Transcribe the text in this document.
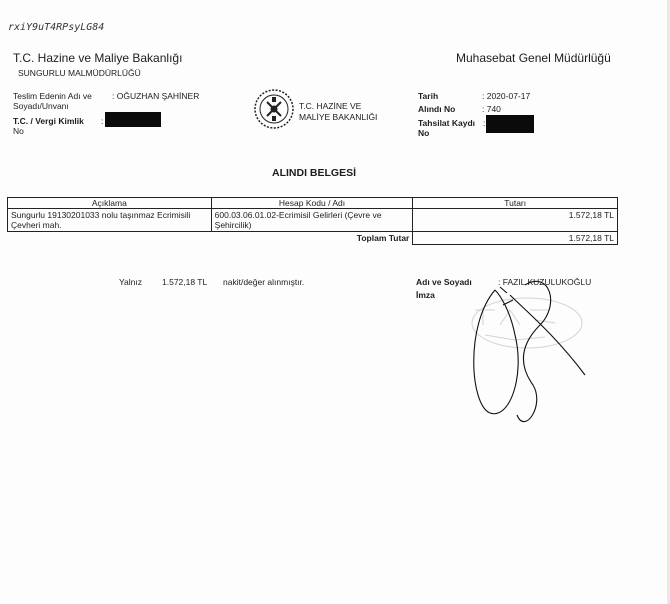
rxiY9uT4RPsyLG84
T.C. Hazine ve Maliye Bakanlığı
SUNGURLU MALMÜDÜRLÜĞÜ
Muhasebat Genel Müdürlüğü
T.C. HAZİNE VE
MALİYE BAKANLIĞI
Teslim Edenin Adı ve
Soyadı/Unvanı
: OĞUZHAN ŞAHİNER
T.C. / Vergi Kimlik
No
:
Tarih	: 2020-07-17
Alındı No	: 740
Tahsilat Kaydı
No
:
ALINDI BELGESİ
Açıklama	Hesap Kodu / Adı	Tutarı
Sungurlu 19130201033 nolu taşınmaz Ecrimisili Çevheri mah.	600.03.06.01.02-Ecrimisil Gelirleri (Çevre ve Şehircilik)	1.572,18 TL
	Toplam Tutar	1.572,18 TL
Yalnız 1.572,18 TL nakit/değer alınmıştır.	Adı ve Soyadı	: FAZIL KUZULUKOĞLU
İmza
